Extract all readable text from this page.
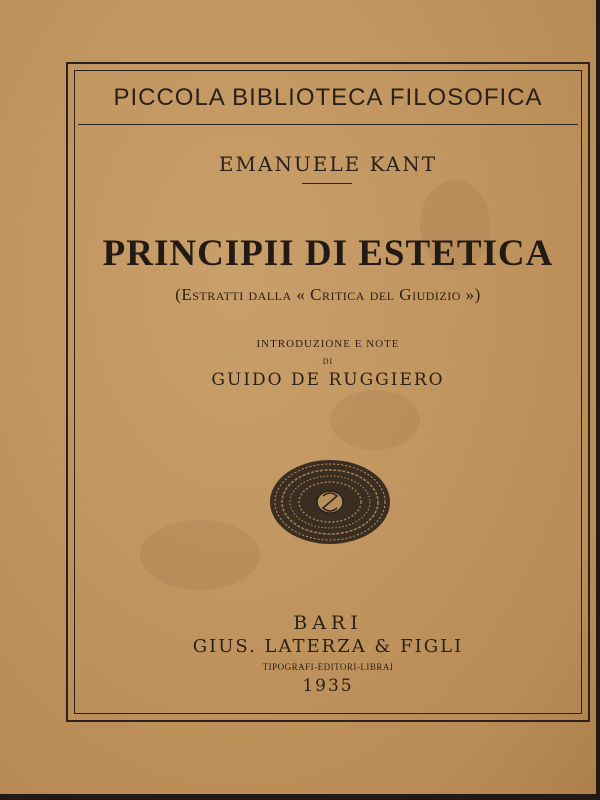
PICCOLA BIBLIOTECA FILOSOFICA
EMANUELE KANT
PRINCIPII DI ESTETICA
(Estratti dalla « Critica del Giudizio »)
INTRODUZIONE E NOTE
DI
GUIDO DE RUGGIERO
BARI
GIUS. LATERZA & FIGLI
TIPOGRAFI-EDITORI-LIBRAI
1935
